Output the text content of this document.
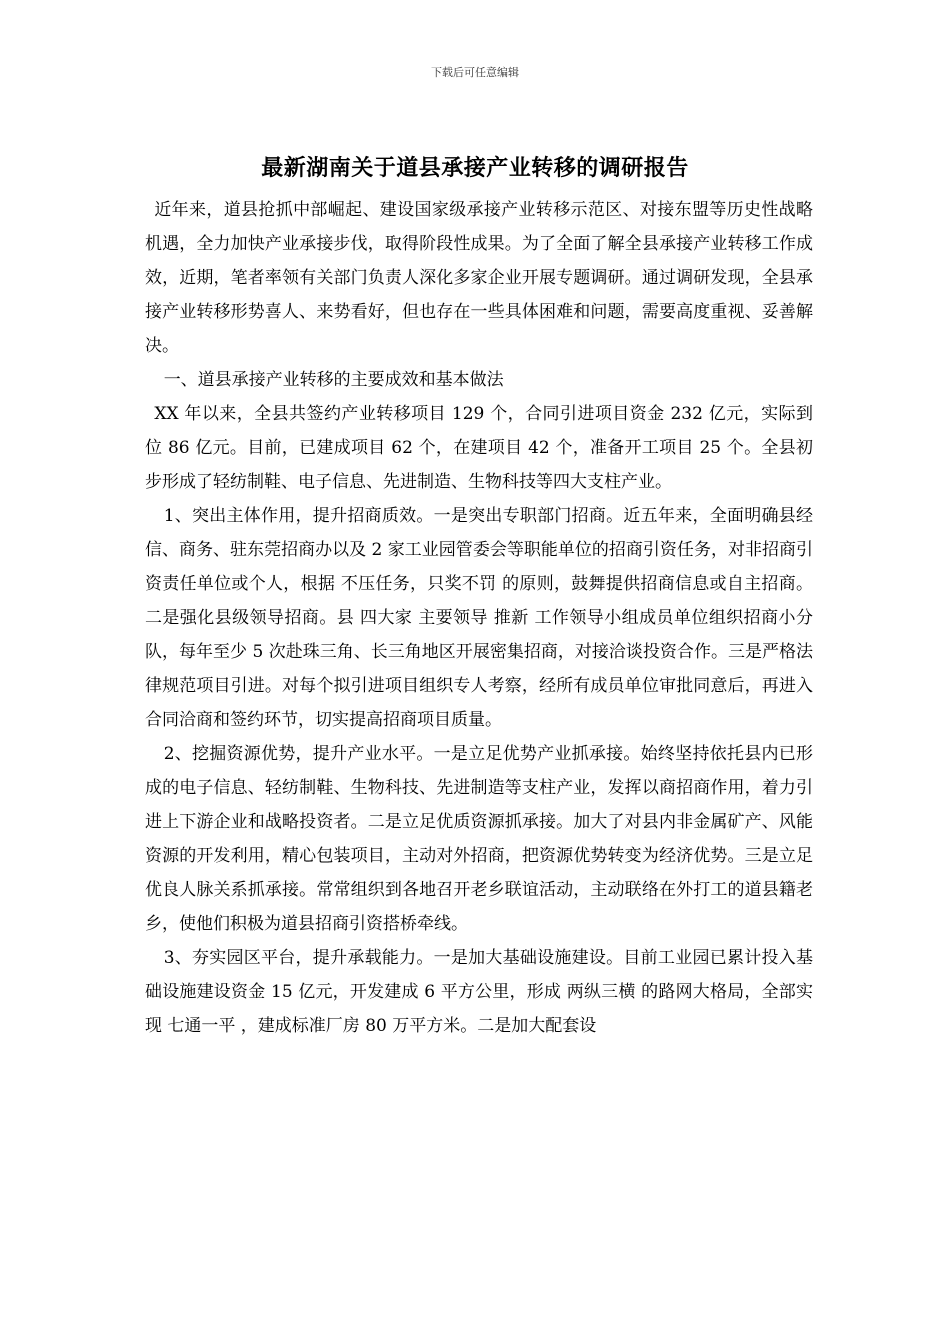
下载后可任意编辑
最新湖南关于道县承接产业转移的调研报告

近年来，道县抢抓中部崛起、建设国家级承接产业转移示范区、对接东盟等历史性战略机遇，全力加快产业承接步伐，取得阶段性成果。为了全面了解全县承接产业转移工作成效，近期，笔者率领有关部门负责人深化多家企业开展专题调研。通过调研发现，全县承接产业转移形势喜人、来势看好，但也存在一些具体困难和问题，需要高度重视、妥善解决。

一、道县承接产业转移的主要成效和基本做法

XX 年以来，全县共签约产业转移项目 129 个，合同引进项目资金 232 亿元，实际到位 86 亿元。目前，已建成项目 62 个，在建项目 42 个，准备开工项目 25 个。全县初步形成了轻纺制鞋、电子信息、先进制造、生物科技等四大支柱产业。

1、突出主体作用，提升招商质效。一是突出专职部门招商。近五年来，全面明确县经信、商务、驻东莞招商办以及 2 家工业园管委会等职能单位的招商引资任务，对非招商引资责任单位或个人，根据 不压任务，只奖不罚 的原则，鼓舞提供招商信息或自主招商。二是强化县级领导招商。县 四大家 主要领导 推新 工作领导小组成员单位组织招商小分队，每年至少 5 次赴珠三角、长三角地区开展密集招商，对接洽谈投资合作。三是严格法律规范项目引进。对每个拟引进项目组织专人考察，经所有成员单位审批同意后，再进入合同洽商和签约环节，切实提高招商项目质量。

2、挖掘资源优势，提升产业水平。一是立足优势产业抓承接。始终坚持依托县内已形成的电子信息、轻纺制鞋、生物科技、先进制造等支柱产业，发挥以商招商作用，着力引进上下游企业和战略投资者。二是立足优质资源抓承接。加大了对县内非金属矿产、风能资源的开发利用，精心包装项目，主动对外招商，把资源优势转变为经济优势。三是立足优良人脉关系抓承接。常常组织到各地召开老乡联谊活动，主动联络在外打工的道县籍老乡，使他们积极为道县招商引资搭桥牵线。

3、夯实园区平台，提升承载能力。一是加大基础设施建设。目前工业园已累计投入基础设施建设资金 15 亿元，开发建成 6 平方公里，形成 两纵三横 的路网大格局，全部实现 七通一平 ，建成标准厂房 80 万平方米。二是加大配套设
